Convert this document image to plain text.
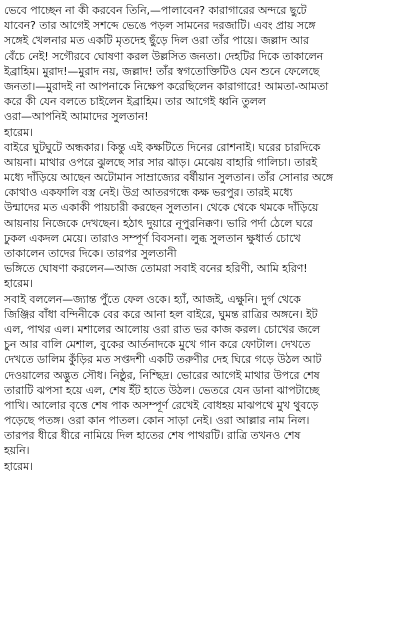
ভেবে পাচ্ছেন না কী করবেন তিনি,—পালাবেন? কারাগারের অন্দরে ছুটে
যাবেন? তার আগেই সশব্দে ভেঙে পড়ল সামনের দরজাটি। এবং প্রায় সঙ্গে
সঙ্গেই খেলনার মত একটি মৃতদেহ ছুঁড়ে দিল ওরা তাঁর পায়ে। জল্লাদ আর
বেঁচে নেই! সগৌরবে ঘোষণা করল উল্লসিত জনতা। দেহটির দিকে তাকালেন
ইব্রাহিম। মুরাদ!—মুরাদ নয়, জল্লাদ! তাঁর স্বগতোক্তিটিও যেন শুনে ফেলেছে
জনতা।—মুরাদই না আপনাকে নিক্ষেপ করেছিলেন কারাগারে! আমতা-আমতা
করে কী যেন বলতে চাইলেন ইব্রাহিম। তার আগেই ধ্বনি তুলল
ওরা—আপনিই আমাদের সুলতান!
হারেম।
বাইরে ঘুটঘুটে অন্ধকার। কিন্তু এই কক্ষটিতে দিনের রোশনাই। ঘরের চারদিকে
আয়না। মাথার ওপরে ঝুলছে সার সার ঝাড়। মেঝেয় বাহারি গালিচা। তারই
মধ্যে দাঁড়িয়ে আছেন অটোমান সাম্রাজ্যের বর্ষীয়ান সুলতান। তাঁর সোনার অঙ্গে
কোথাও একফালি বস্ত্র নেই। উগ্র আতরগন্ধে কক্ষ ভরপুর। তারই মধ্যে
উন্মাদের মত একাকী পায়চারী করছেন সুলতান। থেকে থেকে থমকে দাঁড়িয়ে
আয়নায় নিজেকে দেখছেন। হঠাৎ দুয়ারে নূপুরনিক্কণ। ভারি পর্দা ঠেলে ঘরে
ঢুকল একদল মেয়ে। তারাও সম্পূর্ণ বিবসনা। লুব্ধ সুলতান ক্ষুধার্ত চোখে
তাকালেন তাদের দিকে। তারপর সুলতানী
ভঙ্গিতে ঘোষণা করলেন—আজ তোমরা সবাই বনের হরিণী, আমি হরিণ!
হারেম।
সবাই বললেন—জ্যান্ত পুঁতে ফেল ওকে। হ্যাঁ, আজই, এক্ষুনি। দুর্গ থেকে
জিঞ্জির বাঁধা বন্দিনীকে বের করে আনা হল বাইরে, ঘুমন্ত রাত্রির অঙ্গনে। ইট
এল, পাথর এল। মশালের আলোয় ওরা রাত ভর কাজ করল। চোখের জলে
চুন আর বালি মেশাল, বুকের আর্তনাদকে মুখে গান করে ফোটাল। দেখতে
দেখতে ডালিম কুঁড়ির মত সপ্তদশী একটি তরুণীর দেহ ঘিরে গড়ে উঠল আট
দেওয়ালের অদ্ভুত সৌধ। নিষ্ঠুর, নিশ্ছিদ্র। ভোরের আগেই মাথার উপরে শেষ
তারাটি ঝপসা হয়ে এল, শেষ ইঁট হাতে উঠল। ভেতরে যেন ডানা ঝাপটাচ্ছে
পাখি। আলোর বৃত্তে শেষ পাক অসম্পূর্ণ রেখেই বোধহয় মাঝপথে মুখ থুবড়ে
পড়েছে পতঙ্গ। ওরা কান পাতল। কোন সাড়া নেই। ওরা আল্লার নাম নিল।
তারপর ধীরে ধীরে নামিয়ে দিল হাতের শেষ পাথরটি। রাত্রি তখনও শেষ
হয়নি।
হারেম।
